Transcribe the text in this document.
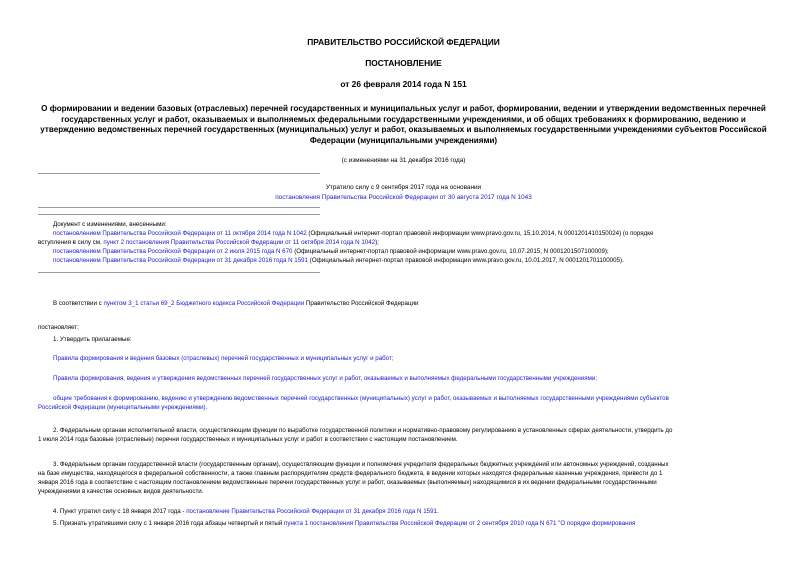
ПРАВИТЕЛЬСТВО РОССИЙСКОЙ ФЕДЕРАЦИИ
ПОСТАНОВЛЕНИЕ
от 26 февраля 2014 года N 151
О формировании и ведении базовых (отраслевых) перечней государственных и муниципальных услуг и работ, формировании, ведении и утверждении ведомственных перечней государственных услуг и работ, оказываемых и выполняемых федеральными государственными учреждениями, и об общих требованиях к формированию, ведению и утверждению ведомственных перечней государственных (муниципальных) услуг и работ, оказываемых и выполняемых государственными учреждениями субъектов Российской Федерации (муниципальными учреждениями)
(с изменениями на 31 декабря 2016 года)
Утратило силу с 9 сентября 2017 года на основании
постановления Правительства Российской Федерации от 30 августа 2017 года N 1043
Документ с изменениями, внесенными:
постановлением Правительства Российской Федерации от 11 октября 2014 года N 1042 (Официальный интернет-портал правовой информации www.pravo.gov.ru, 15.10.2014, N 0001201410150024) (о порядке
вступления в силу см. пункт 2 постановления Правительства Российской Федерации от 11 октября 2014 года N 1042);
постановлением Правительства Российской Федерации от 2 июля 2015 года N 670 (Официальный интернет-портал правовой информации www.pravo.gov.ru, 10.07.2015, N 0001201507100009);
постановлением Правительства Российской Федерации от 31 декабря 2016 года N 1591 (Официальный интернет-портал правовой информации www.pravo.gov.ru, 10.01.2017, N 0001201701100005).
В соответствии с пунктом 3_1 статьи 69_2 Бюджетного кодекса Российской Федерации Правительство Российской Федерации
постановляет:
1. Утвердить прилагаемые:
Правила формирования и ведения базовых (отраслевых) перечней государственных и муниципальных услуг и работ;
Правила формирования, ведения и утверждения ведомственных перечней государственных услуг и работ, оказываемых и выполняемых федеральными государственными учреждениями;
общие требования к формированию, ведению и утверждению ведомственных перечней государственных (муниципальных) услуг и работ, оказываемых и выполняемых государственными учреждениями субъектов
Российской Федерации (муниципальными учреждениями).
2. Федеральным органам исполнительной власти, осуществляющим функции по выработке государственной политики и нормативно-правовому регулированию в установленных сферах деятельности, утвердить до
1 июля 2014 года базовые (отраслевые) перечни государственных и муниципальных услуг и работ в соответствии с настоящим постановлением.
3. Федеральным органам государственной власти (государственным органам), осуществляющим функции и полномочия учредителя федеральных бюджетных учреждений или автономных учреждений, созданных
на базе имущества, находящегося в федеральной собственности, а также главным распорядителям средств федерального бюджета, в ведении которых находятся федеральные казенные учреждения, привести до 1
января 2016 года в соответствие с настоящим постановлением ведомственные перечни государственных услуг и работ, оказываемых (выполняемых) находящимися в их ведении федеральными государственными
учреждениями в качестве основных видов деятельности.
4. Пункт утратил силу с 18 января 2017 года - постановление Правительства Российской Федерации от 31 декабря 2016 года N 1591.
5. Признать утратившими силу с 1 января 2016 года абзацы четвертый и пятый пункта 1 постановления Правительства Российской Федерации от 2 сентября 2010 года N 671 "О порядке формирования
